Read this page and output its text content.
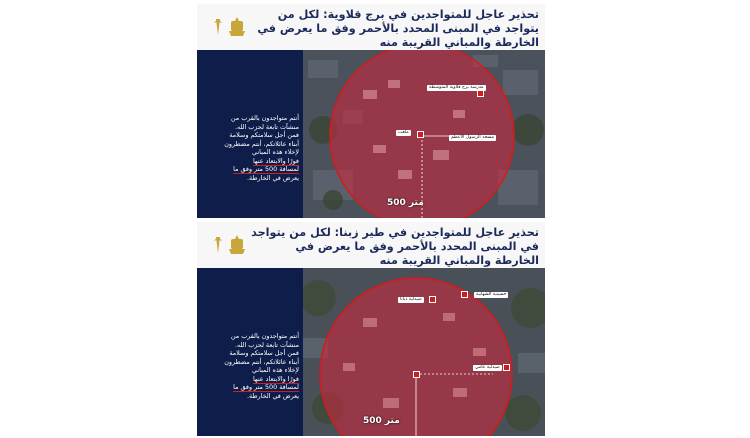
تحذير عاجل للمتواجدين في برج قلاوية: لكل من يتواجد في المبنى المحدد بالأحمر وفق ما يعرض في الخارطة والمباني القريبة منه
أنتم متواجدون بالقرب من
منشآت تابعة لحزب الله.
فمن أجل سلامتكم وسلامة
أبناء عائلاتكم، أنتم مضطرون
لإخلاء هذه المباني
فورًا والابتعاد عنها
لمسافة 500 متر وفق ما
يعرض في الخارطة.
مدرسة برج قلاوية المتوسطة
ملعب
مسجد الرسول الأعظم
500 متر
تحذير عاجل للمتواجدين في طير زبنا: لكل من يتواجد في المبنى المحدد بالأحمر وفق ما يعرض في الخارطة والمباني القريبة منه
أنتم متواجدون بالقرب من
منشآت تابعة لحزب الله.
فمن أجل سلامتكم وسلامة
أبناء عائلاتكم، أنتم مضطرون
لإخلاء هذه المباني
فورًا والابتعاد عنها
لمسافة 500 متر وفق ما
يعرض في الخارطة.
حسينية الشهابية
صيدلية ديانا
صيدلية عامي
500 متر
